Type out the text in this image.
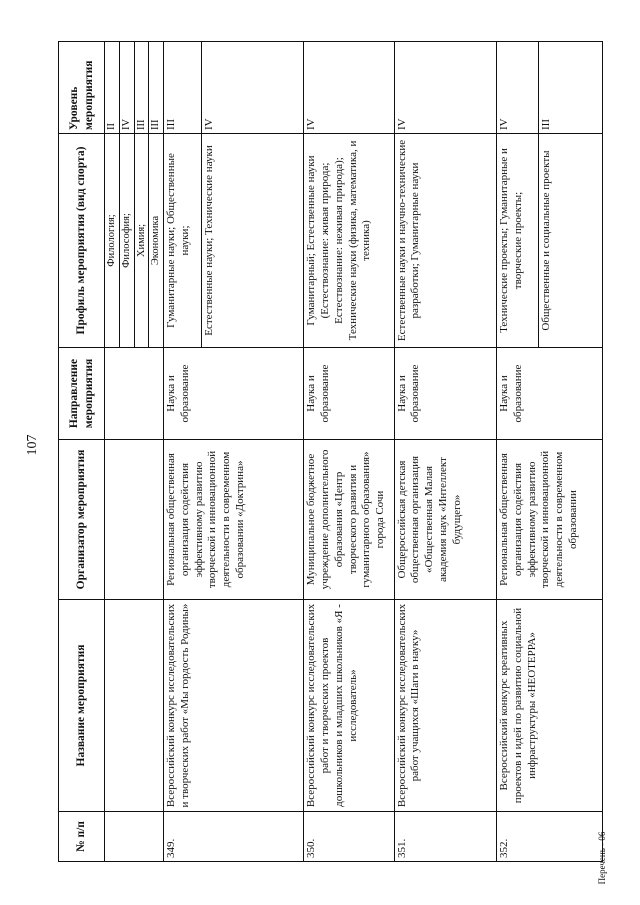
107
Перечень - 06
№ п/п	Название мероприятия	Организатор мероприятия	Направление мероприятия	Профиль мероприятия (вид спорта)	Уровень мероприятия
				Филология;	II
				Философия;	IV
				Химия;	III
				Экономика	III
349.	Всероссийский конкурс исследовательских и творческих работ «Мы гордость Родины»	Региональная общественная организация содействия эффективному развитию творческой и инновационной деятельности в современном образовании «Доктрина»	Наука и образование	Гуманитарные науки; Общественные науки;	III
				Естественные науки; Технические науки	IV
350.	Всероссийский конкурс исследовательских работ и творческих проектов дошкольников и младших школьников «Я - исследователь»	Муниципальное бюджетное учреждение дополнительного образования «Центр творческого развития и гуманитарного образования» города Сочи	Наука и образование	Гуманитарный; Естественные науки (Естествознание: живая природа; Естествознание: неживая природа); Технические науки (физика, математика, и техника)	IV
351.	Всероссийский конкурс исследовательских работ учащихся «Шаги в науку»	Общероссийская детская общественная организация «Общественная Малая академия наук «Интеллект будущего»	Наука и образование	Естественные науки и научно-технические разработки; Гуманитарные науки	IV
352.	Всероссийский конкурс креативных проектов и идей по развитию социальной инфраструктуры «НЕОТЕРРА»	Региональная общественная организация содействия эффективному развитию творческой и инновационной деятельности в современном образовании	Наука и образование	Технические проекты; Гуманитарные и творческие проекты;	IV
				Общественные и социальные проекты	III
